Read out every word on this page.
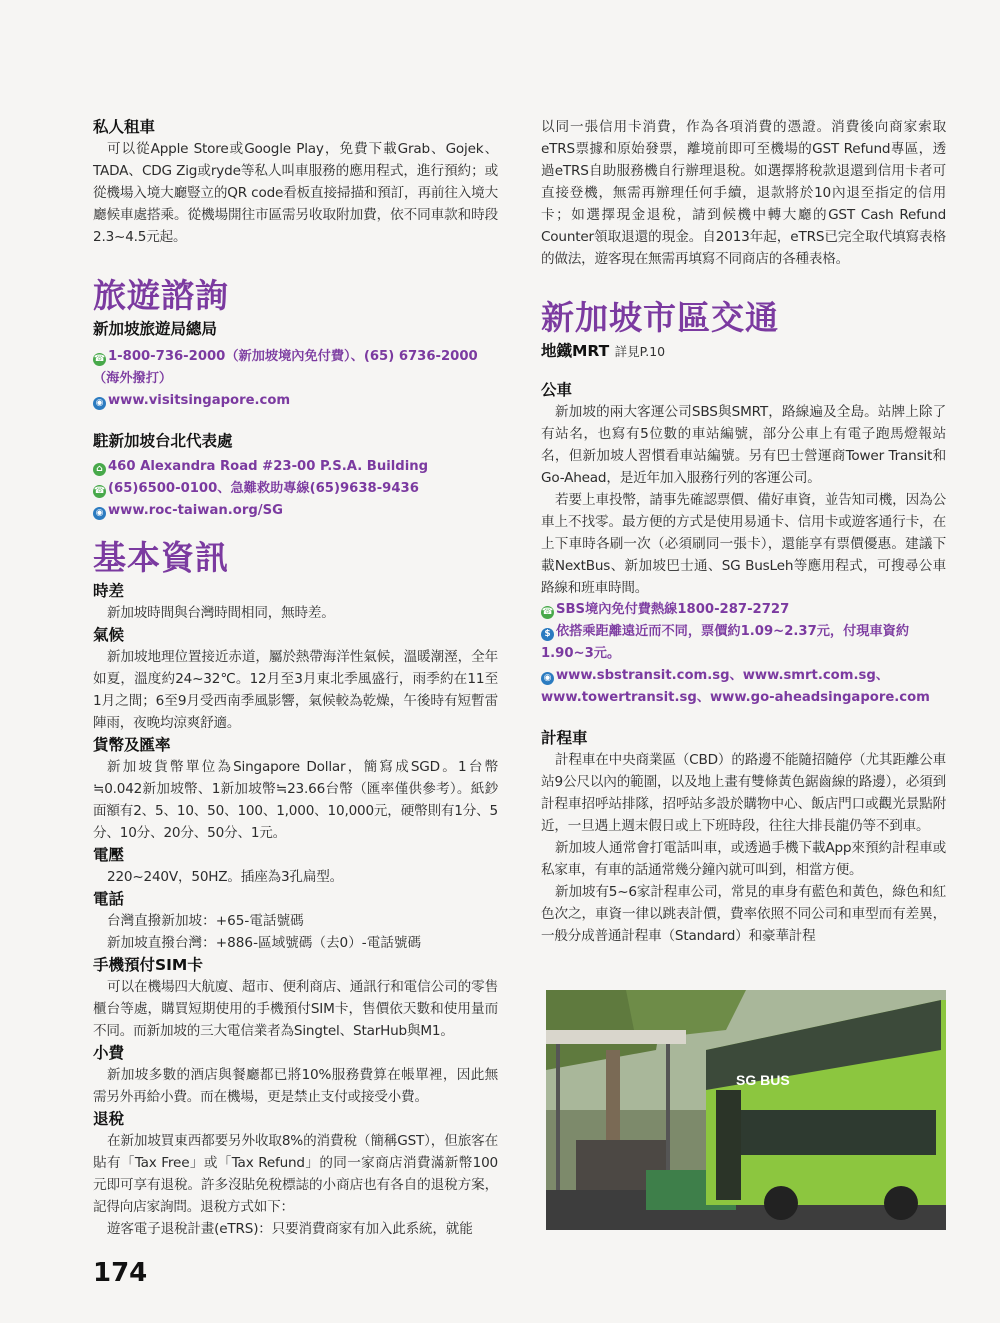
私人租車

可以從Apple Store或Google Play，免費下載Grab、Gojek、TADA、CDG Zig或ryde等私人叫車服務的應用程式，進行預約；或從機場入境大廳豎立的QR code看板直接掃描和預訂，再前往入境大廳候車處搭乘。從機場開往市區需另收取附加費，依不同車款和時段2.3~4.5元起。

旅遊諮詢

新加坡旅遊局總局

☎ 1-800-736-2000（新加坡境內免付費）、(65) 6736-2000（海外撥打）

◉ www.visitsingapore.com

駐新加坡台北代表處

⌂ 460 Alexandra Road #23-00 P.S.A. Building

☎ (65)6500-0100、急難救助專線(65)9638-9436

◉ www.roc-taiwan.org/SG

基本資訊

時差

新加坡時間與台灣時間相同，無時差。

氣候

新加坡地理位置接近赤道，屬於熱帶海洋性氣候，溫暖潮溼，全年如夏，溫度約24~32℃。12月至3月東北季風盛行，雨季約在11至1月之間；6至9月受西南季風影響，氣候較為乾燥，午後時有短暫雷陣雨，夜晚均涼爽舒適。

貨幣及匯率

新加坡貨幣單位為Singapore Dollar，簡寫成SGD。1台幣≒0.042新加坡幣、1新加坡幣≒23.66台幣（匯率僅供參考）。紙鈔面額有2、5、10、50、100、1,000、10,000元，硬幣則有1分、5分、10分、20分、50分、1元。

電壓

220~240V，50HZ。插座為3孔扁型。

電話

台灣直撥新加坡：+65-電話號碼

新加坡直撥台灣：+886-區域號碼（去0）-電話號碼

手機預付SIM卡

可以在機場四大航廈、超市、便利商店、通訊行和電信公司的零售櫃台等處，購買短期使用的手機預付SIM卡，售價依天數和使用量而不同。而新加坡的三大電信業者為Singtel、StarHub與M1。

小費

新加坡多數的酒店與餐廳都已將10%服務費算在帳單裡，因此無需另外再給小費。而在機場，更是禁止支付或接受小費。

退稅

在新加坡買東西都要另外收取8%的消費稅（簡稱GST），但旅客在貼有「Tax Free」或「Tax Refund」的同一家商店消費滿新幣100元即可享有退稅。許多沒貼免稅標誌的小商店也有各自的退稅方案，記得向店家詢問。退稅方式如下：

遊客電子退稅計畫(eTRS)：只要消費商家有加入此系統，就能

以同一張信用卡消費，作為各項消費的憑證。消費後向商家索取eTRS票據和原始發票，離境前即可至機場的GST Refund專區，透過eTRS自助服務機自行辦理退稅。如選擇將稅款退還到信用卡者可直接登機，無需再辦理任何手續，退款將於10內退至指定的信用卡；如選擇現金退稅，請到候機中轉大廳的GST Cash Refund Counter領取退還的現金。自2013年起，eTRS已完全取代填寫表格的做法，遊客現在無需再填寫不同商店的各種表格。

新加坡市區交通

地鐵MRT 詳見P.10

公車

新加坡的兩大客運公司SBS與SMRT，路線遍及全島。站牌上除了有站名，也寫有5位數的車站編號，部分公車上有電子跑馬燈報站名，但新加坡人習慣看車站編號。另有巴士營運商Tower Transit和Go-Ahead，是近年加入服務行列的客運公司。

若要上車投幣，請事先確認票價、備好車資，並告知司機，因為公車上不找零。最方便的方式是使用易通卡、信用卡或遊客通行卡，在上下車時各刷一次（必須刷同一張卡），還能享有票價優惠。建議下載NextBus、新加坡巴士通、SG BusLeh等應用程式，可搜尋公車路線和班車時間。

☎ SBS境內免付費熱線1800-287-2727

$ 依搭乘距離遠近而不同，票價約1.09~2.37元，付現車資約1.90~3元。

◉ www.sbstransit.com.sg、www.smrt.com.sg、www.towertransit.sg、www.go-aheadsingapore.com

計程車

計程車在中央商業區（CBD）的路邊不能隨招隨停（尤其距離公車站9公尺以內的範圍，以及地上畫有雙條黃色鋸齒線的路邊），必須到計程車招呼站排隊，招呼站多設於購物中心、飯店門口或觀光景點附近，一旦遇上週末假日或上下班時段，往往大排長龍仍等不到車。

新加坡人通常會打電話叫車，或透過手機下載App來預約計程車或私家車，有車的話通常幾分鐘內就可叫到，相當方便。

新加坡有5~6家計程車公司，常見的車身有藍色和黃色，綠色和紅色次之，車資一律以跳表計價，費率依照不同公司和車型而有差異，一般分成普通計程車（Standard）和豪華計程

SG BUS
174
